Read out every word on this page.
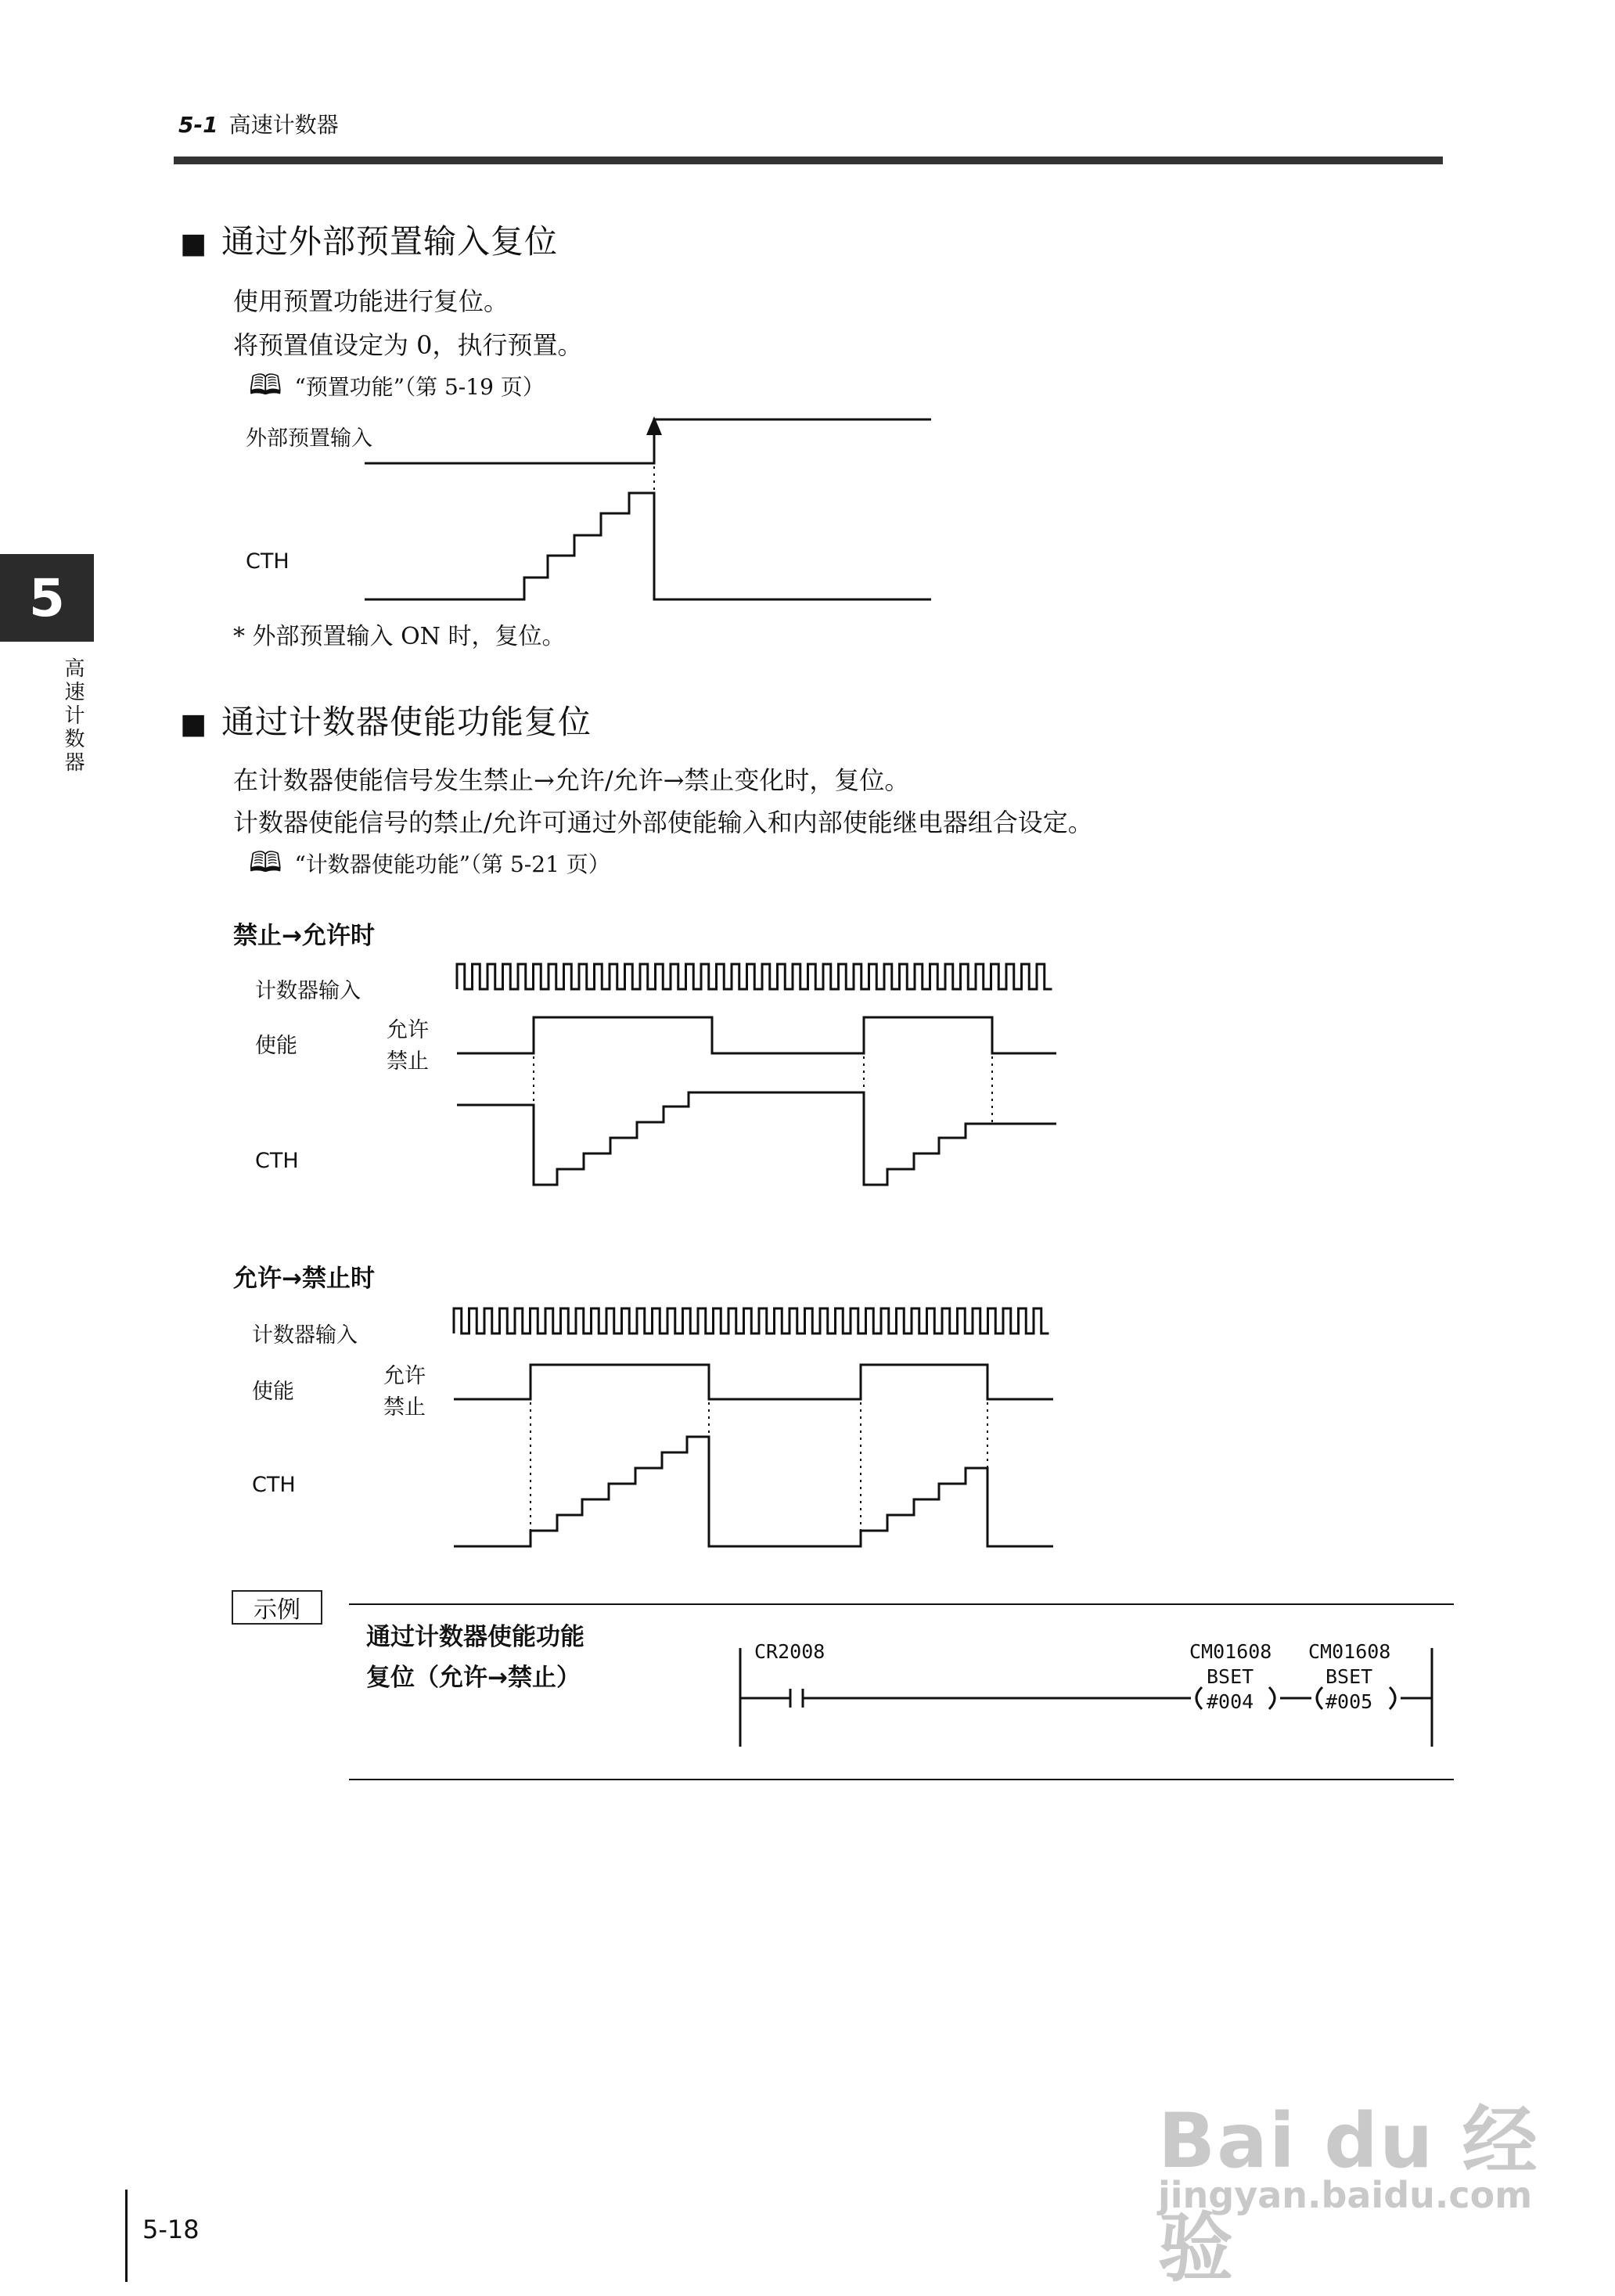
5-1 高速计数器
5
高速计数器
■ 通过外部预置输入复位
使用预置功能进行复位。
将预置值设定为 0，执行预置。
🕮 “预置功能”（第 5-19 页）
外部预置输入
CTH
禁止→允许时
计数器输入
使能
允许
禁止
CTH
允许→禁止时
计数器输入
使能
允许
禁止
CTH
* 外部预置输入 ON 时，复位。
■ 通过计数器使能功能复位
在计数器使能信号发生禁止→允许/允许→禁止变化时，复位。
计数器使能信号的禁止/允许可通过外部使能输入和内部使能继电器组合设定。
🕮 “计数器使能功能”（第 5-21 页）
示例
通过计数器使能功能
复位（允许→禁止）
CR2008	CM01608
BSET
#004
CM01608
BSET
#005
Bai du 经验
jingyan.baidu.com
5-18
